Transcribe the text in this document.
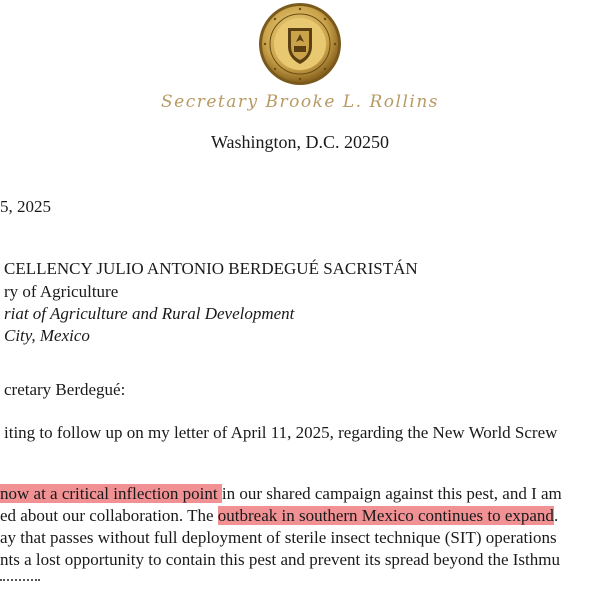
Secretary Brooke L. Rollins
Washington, D.C. 20250
5, 2025
CELLENCY JULIO ANTONIO BERDEGUÉ SACRISTÁN
ry of Agriculture
riat of Agriculture and Rural Development
City, Mexico
cretary Berdegué:
iting to follow up on my letter of April 11, 2025, regarding the New World Screw
now at a critical inflection point in our shared campaign against this pest, and I am
ed about our collaboration. The outbreak in southern Mexico continues to expand.
ay that passes without full deployment of sterile insect technique (SIT) operations
nts a lost opportunity to contain this pest and prevent its spread beyond the Isthmu
